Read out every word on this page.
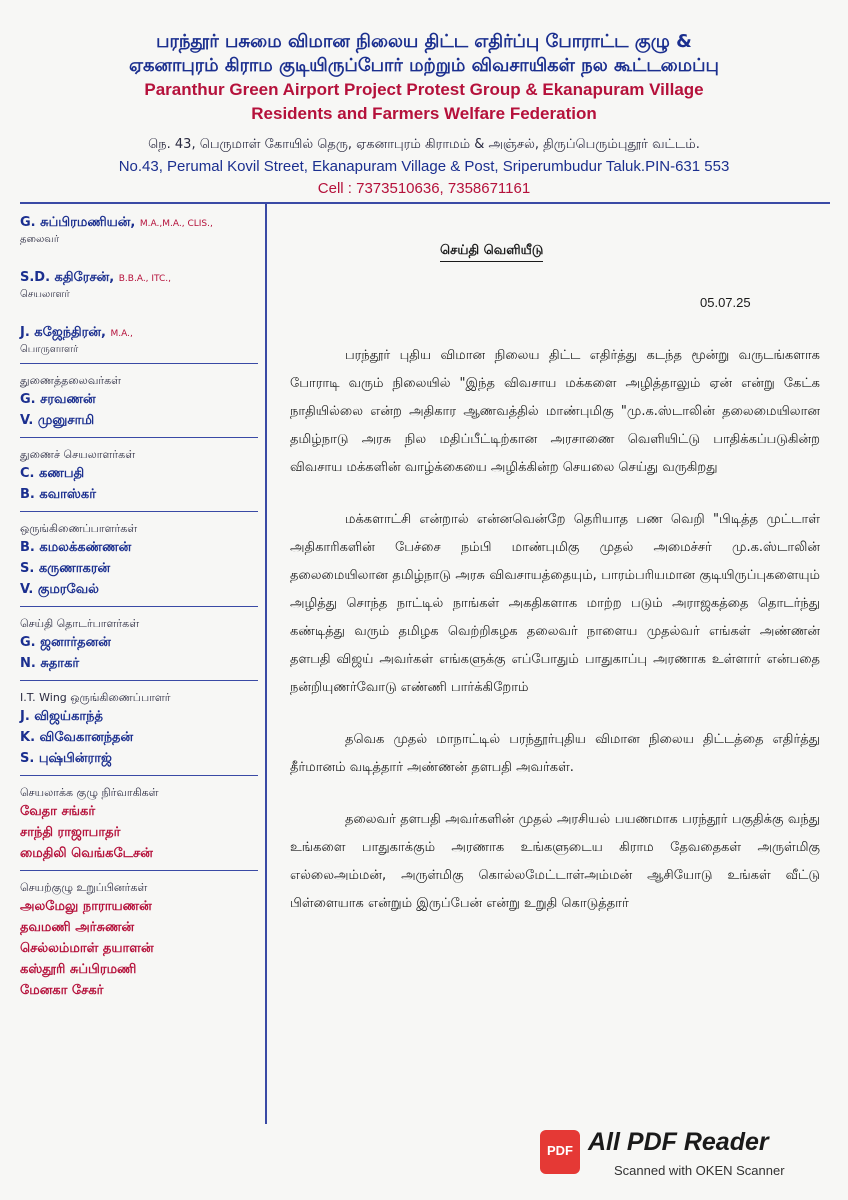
பரந்தூர் பசுமை விமான நிலைய திட்ட எதிர்ப்பு போராட்ட குழு &
ஏகனாபுரம் கிராம குடியிருப்போர் மற்றும் விவசாயிகள் நல கூட்டமைப்பு
Paranthur Green Airport Project Protest Group & Ekanapuram Village
Residents and Farmers Welfare Federation
நெ. 43, பெருமாள் கோயில் தெரு, ஏகனாபுரம் கிராமம் & அஞ்சல், திருப்பெரும்புதூர் வட்டம்.
No.43, Perumal Kovil Street, Ekanapuram Village & Post, Sriperumbudur Taluk.PIN-631 553
Cell : 7373510636, 7358671161
G. சுப்பிரமணியன், M.A.,M.A., CLIS.,
தலைவர்
S.D. கதிரேசன், B.B.A., ITC.,
செயலாளர்
J. கஜேந்திரன், M.A.,
பொருளாளர்
துணைத்தலைவர்கள்
G. சரவணன்
V. முனுசாமி
துணைச் செயலாளர்கள்
C. கணபதி
B. கவாஸ்கர்
ஒருங்கிணைப்பாளர்கள்
B. கமலக்கண்ணன்
S. கருணாகரன்
V. குமரவேல்
செய்தி தொடர்பாளர்கள்
G. ஜனார்தனன்
N. சுதாகர்
I.T. Wing ஒருங்கிணைப்பாளர்
J. விஜய்காந்த்
K. விவேகானந்தன்
S. புஷ்பின்ராஜ்
செயலாக்க குழு நிர்வாகிகள்
வேதா சங்கர்
சாந்தி ராஜாபாதர்
மைதிலி வெங்கடேசன்
செயற்குழு உறுப்பினர்கள்
அலமேலு நாராயணன்
தவமணி அர்சுணன்
செல்லம்மாள் தயாளன்
கஸ்தூரி சுப்பிரமணி
மேனகா சேகர்
செய்தி வெளியீடு
05.07.25

பரந்தூர் புதிய விமான நிலைய திட்ட எதிர்த்து கடந்த மூன்று வருடங்களாக போராடி வரும் நிலையில் "இந்த விவசாய மக்களை அழித்தாலும் ஏன் என்று கேட்க நாதியில்லை என்ற அதிகார ஆணவத்தில் மாண்புமிகு "மு.க.ஸ்டாலின் தலைமையிலான தமிழ்நாடு அரசு நில மதிப்பீட்டிற்கான அரசாணை வெளியிட்டு பாதிக்கப்படுகின்ற விவசாய மக்களின் வாழ்க்கையை அழிக்கின்ற செயலை செய்து வருகிறது

மக்களாட்சி என்றால் என்னவென்றே தெரியாத பண வெறி "பிடித்த முட்டாள் அதிகாரிகளின் பேச்சை நம்பி மாண்புமிகு முதல் அமைச்சர் மு.க.ஸ்டாலின் தலைமையிலான தமிழ்நாடு அரசு விவசாயத்தையும், பாரம்பரியமான குடியிருப்புகளையும் அழித்து சொந்த நாட்டில் நாங்கள் அகதிகளாக மாற்ற படும் அராஜகத்தை தொடர்ந்து கண்டித்து வரும் தமிழக வெற்றிகழக தலைவர் நாளைய முதல்வர் எங்கள் அண்ணன் தளபதி விஜய் அவர்கள் எங்களுக்கு எப்போதும் பாதுகாப்பு அரணாக உள்ளார் என்பதை நன்றியுணர்வோடு எண்ணி பார்க்கிறோம்

தவெக முதல் மாநாட்டில் பரந்தூர்புதிய விமான நிலைய திட்டத்தை எதிர்த்து தீர்மானம் வடித்தார் அண்ணன் தளபதி அவர்கள்.

தலைவர் தளபதி அவர்களின் முதல் அரசியல் பயணமாக பரந்தூர் பகுதிக்கு வந்து உங்களை பாதுகாக்கும் அரணாக உங்களுடைய கிராம தேவதைகள் அருள்மிகு எல்லைஅம்மன், அருள்மிகு கொல்லமேட்டாள்அம்மன் ஆசியோடு உங்கள் வீட்டு பிள்ளையாக என்றும் இருப்பேன் என்று உறுதி கொடுத்தார்

PDF All PDF Reader
Scanned with OKEN Scanner
